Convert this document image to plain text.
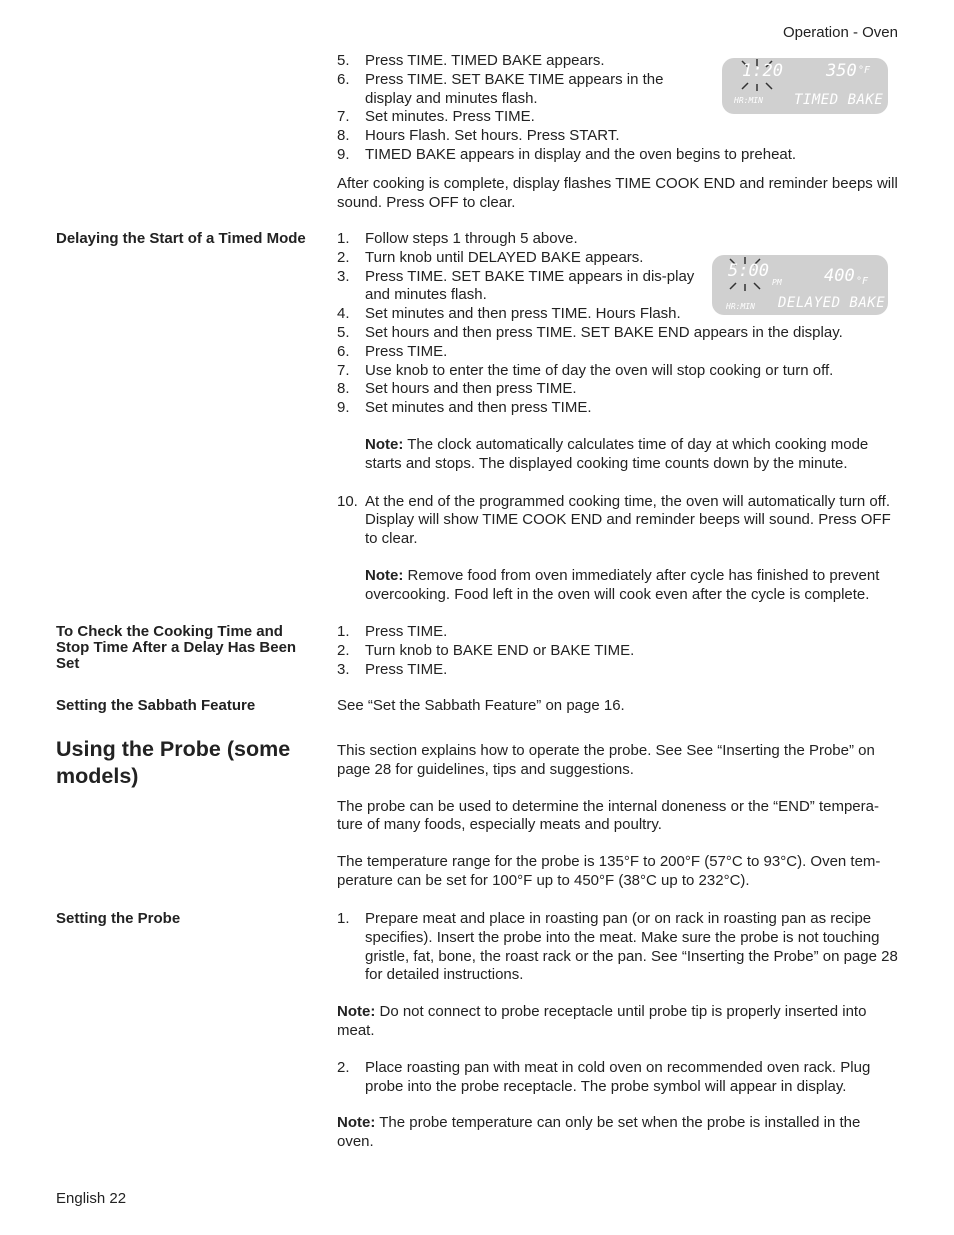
Operation - Oven
5. Press TIME. TIMED BAKE appears.
6. Press TIME. SET BAKE TIME appears in the display and minutes flash.
7. Set minutes. Press TIME.
8. Hours Flash. Set hours. Press START.
9. TIMED BAKE appears in display and the oven begins to preheat.

After cooking is complete, display flashes TIME COOK END and reminder beeps will sound. Press OFF to clear.

1:20	350 °F
HR:MIN TIMED BAKE
Delaying the Start of a Timed Mode	1. Follow steps 1 through 5 above.
2. Turn knob until DELAYED BAKE appears.
3. Press TIME. SET BAKE TIME appears in dis-play and minutes flash.
4. Set minutes and then press TIME. Hours Flash.
5. Set hours and then press TIME. SET BAKE END appears in the display.
6. Press TIME.
7. Use knob to enter the time of day the oven will stop cooking or turn off.
8. Set hours and then press TIME.
9. Set minutes and then press TIME.

Note: The clock automatically calculates time of day at which cooking mode starts and stops. The displayed cooking time counts down by the minute.

10. At the end of the programmed cooking time, the oven will automatically turn off. Display will show TIME COOK END and reminder beeps will sound. Press OFF to clear.

Note: Remove food from oven immediately after cycle has finished to prevent overcooking. Food left in the oven will cook even after the cycle is complete.

5:00
PM 400 °F
HR:MIN DELAYED BAKE
To Check the Cooking Time and Stop Time After a Delay Has Been Set
1. Press TIME.
2. Turn knob to BAKE END or BAKE TIME.
3. Press TIME.
Setting the Sabbath Feature	See “Set the Sabbath Feature” on page 16.
Using the Probe (some models)

This section explains how to operate the probe. See See “Inserting the Probe” on page 28 for guidelines, tips and suggestions.

The probe can be used to determine the internal doneness or the “END” tempera-ture of many foods, especially meats and poultry.

The temperature range for the probe is 135°F to 200°F (57°C to 93°C). Oven tem-perature can be set for 100°F up to 450°F (38°C up to 232°C).

Setting the Probe	1. Prepare meat and place in roasting pan (or on rack in roasting pan as recipe specifies). Insert the probe into the meat. Make sure the probe is not touching gristle, fat, bone, the roast rack or the pan. See “Inserting the Probe” on page 28 for detailed instructions.

Note: Do not connect to probe receptacle until probe tip is properly inserted into meat.

2. Place roasting pan with meat in cold oven on recommended oven rack. Plug probe into the probe receptacle. The probe symbol will appear in display.

Note: The probe temperature can only be set when the probe is installed in the oven.

English 22
